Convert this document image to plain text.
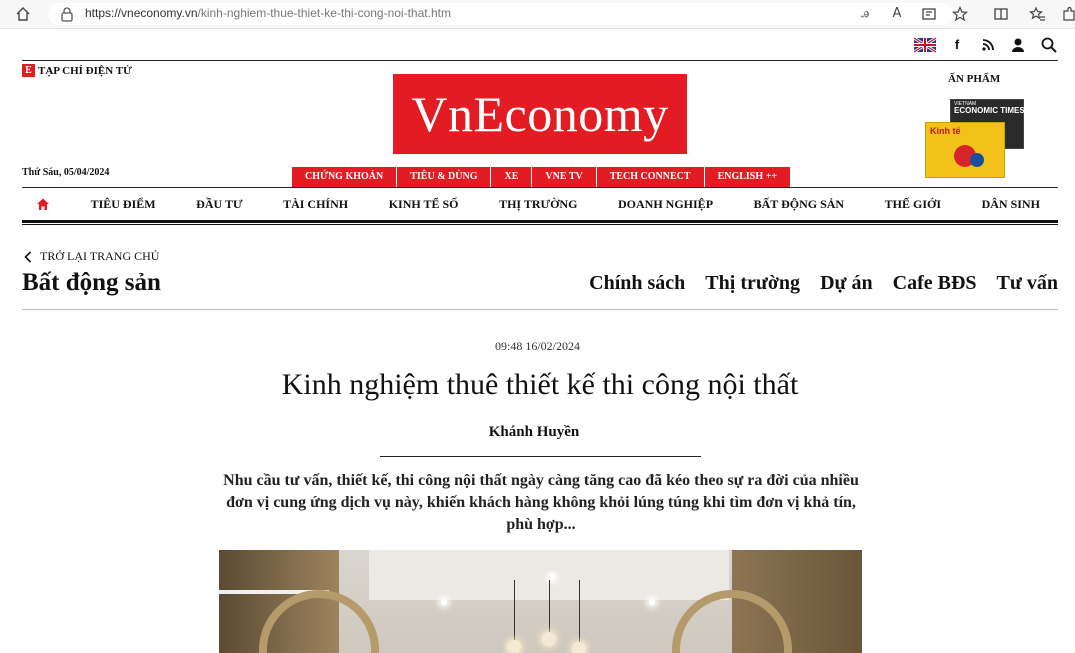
https://vneconomy.vn/kinh-nghiem-thue-thiet-ke-thi-cong-noi-that.htm	ꭿ	A
f
E TẠP CHÍ ĐIỆN TỬ
VnEconomy
ẤN PHẨM
VIETNAM
ECONOMIC TIMES
Kinh tế
Thứ Sáu, 05/04/2024	CHỨNG KHOÁN	TIÊU & DÙNG	XE	VNE TV	TECH CONNECT	ENGLISH ++
TIÊU ĐIỂM	ĐẦU TƯ	TÀI CHÍNH	KINH TẾ SỐ	THỊ TRƯỜNG	DOANH NGHIỆP	BẤT ĐỘNG SẢN	THẾ GIỚI	DÂN SINH
TRỞ LẠI TRANG CHỦ
Bất động sản	Chính sách Thị trường Dự án Cafe BĐS Tư vấn
09:48 16/02/2024
Kinh nghiệm thuê thiết kế thi công nội thất
Khánh Huyền

Nhu cầu tư vấn, thiết kế, thi công nội thất ngày càng tăng cao đã kéo theo sự ra đời của nhiều đơn vị cung ứng dịch vụ này, khiến khách hàng không khỏi lúng túng khi tìm đơn vị khả tín, phù hợp...
